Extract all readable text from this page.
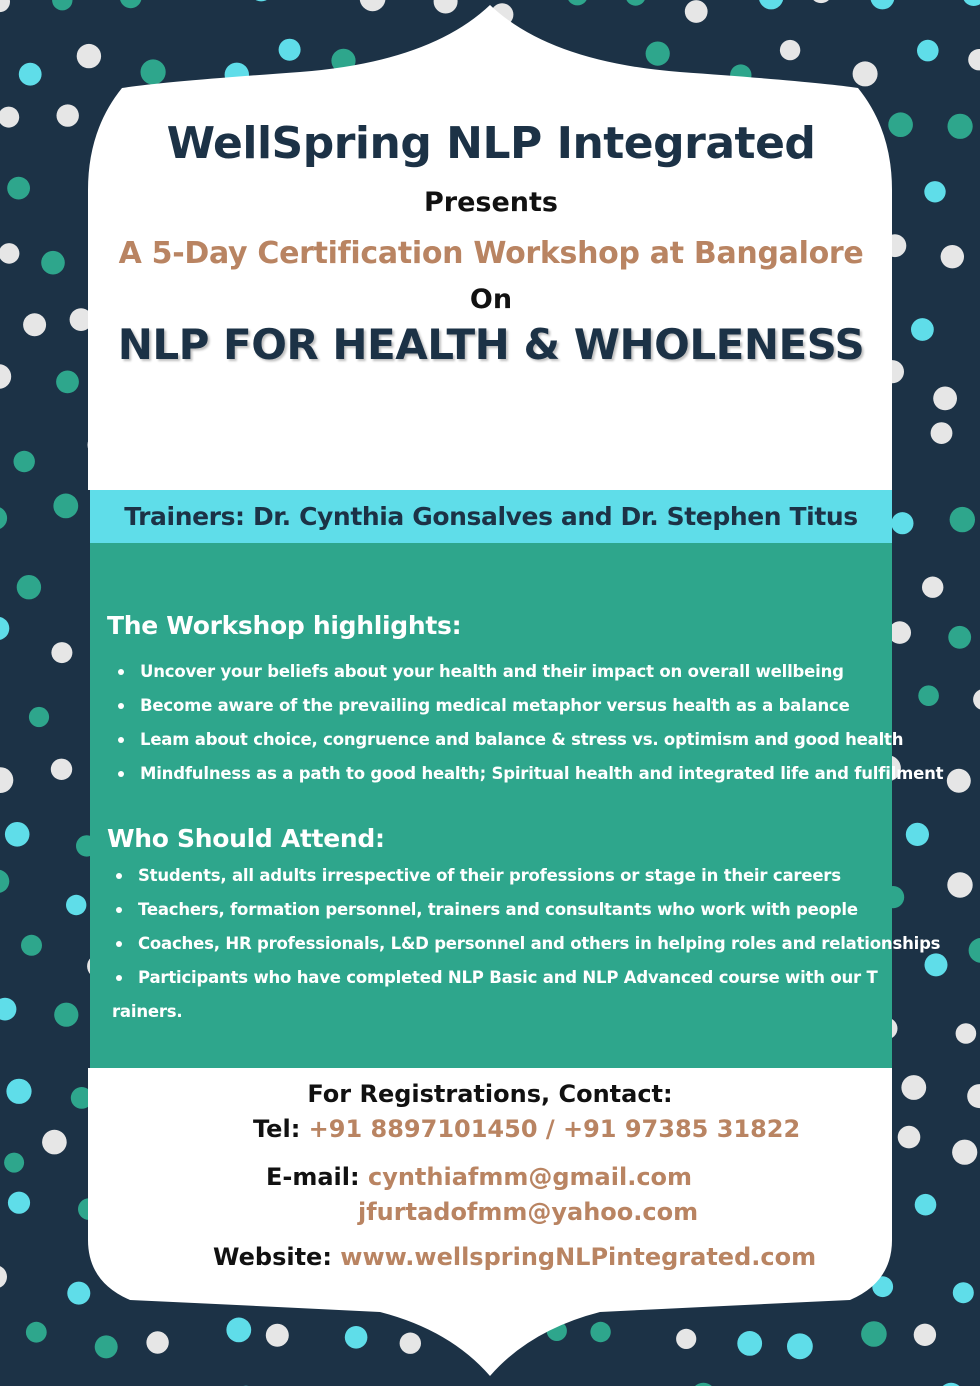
WellSpring NLP Integrated
Presents
A 5-Day Certification Workshop at Bangalore
On
NLP FOR HEALTH & WHOLENESS
Trainers: Dr. Cynthia Gonsalves and Dr. Stephen Titus
The Workshop highlights:
Uncover your beliefs about your health and their impact on overall wellbeing
Become aware of the prevailing medical metaphor versus health as a balance
Leam about choice, congruence and balance & stress vs. optimism and good health
Mindfulness as a path to good health; Spiritual health and integrated life and fulfilment
Who Should Attend:
Students, all adults irrespective of their professions or stage in their careers
Teachers, formation personnel, trainers and consultants who work with people
Coaches, HR professionals, L&D personnel and others in helping roles and relationships
Participants who have completed NLP Basic and NLP Advanced course with our T
rainers.
For Registrations, Contact:
Tel: +91 8897101450 / +91 97385 31822
E-mail: cynthiafmm@gmail.com
jfurtadofmm@yahoo.com
Website: www.wellspringNLPintegrated.com
